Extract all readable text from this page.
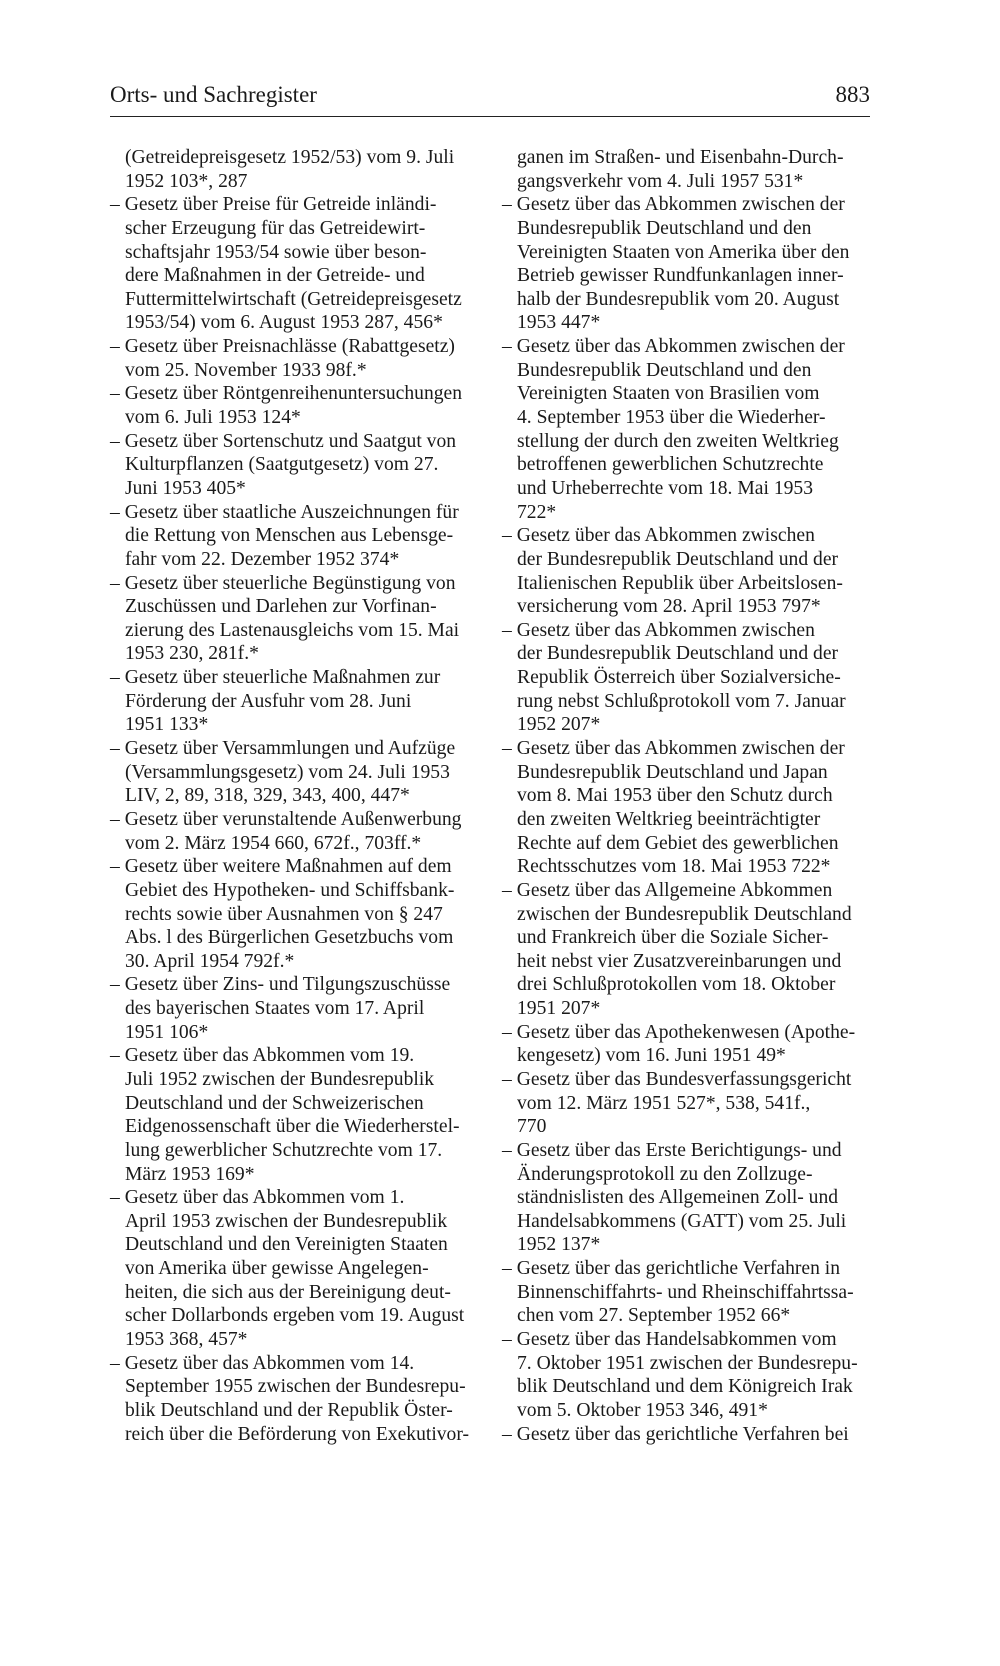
Orts- und Sachregister	883
(Getreidepreisgesetz 1952/53) vom 9. Juli
1952 103*, 287
– Gesetz über Preise für Getreide inländi-
scher Erzeugung für das Getreidewirt-
schaftsjahr 1953/54 sowie über beson-
dere Maßnahmen in der Getreide- und
Futtermittelwirtschaft (Getreidepreisgesetz
1953/54) vom 6. August 1953 287, 456*
– Gesetz über Preisnachlässe (Rabattgesetz)
vom 25. November 1933 98f.*
– Gesetz über Röntgenreihenuntersuchungen
vom 6. Juli 1953 124*
– Gesetz über Sortenschutz und Saatgut von
Kulturpflanzen (Saatgutgesetz) vom 27.
Juni 1953 405*
– Gesetz über staatliche Auszeichnungen für
die Rettung von Menschen aus Lebensge-
fahr vom 22. Dezember 1952 374*
– Gesetz über steuerliche Begünstigung von
Zuschüssen und Darlehen zur Vorfinan-
zierung des Lastenausgleichs vom 15. Mai
1953 230, 281f.*
– Gesetz über steuerliche Maßnahmen zur
Förderung der Ausfuhr vom 28. Juni
1951 133*
– Gesetz über Versammlungen und Aufzüge
(Versammlungsgesetz) vom 24. Juli 1953
LIV, 2, 89, 318, 329, 343, 400, 447*
– Gesetz über verunstaltende Außenwerbung
vom 2. März 1954 660, 672f., 703ff.*
– Gesetz über weitere Maßnahmen auf dem
Gebiet des Hypotheken- und Schiffsbank-
rechts sowie über Ausnahmen von § 247
Abs. l des Bürgerlichen Gesetzbuchs vom
30. April 1954 792f.*
– Gesetz über Zins- und Tilgungszuschüsse
des bayerischen Staates vom 17. April
1951 106*
– Gesetz über das Abkommen vom 19.
Juli 1952 zwischen der Bundesrepublik
Deutschland und der Schweizerischen
Eidgenossenschaft über die Wiederherstel-
lung gewerblicher Schutzrechte vom 17.
März 1953 169*
– Gesetz über das Abkommen vom 1.
April 1953 zwischen der Bundesrepublik
Deutschland und den Vereinigten Staaten
von Amerika über gewisse Angelegen-
heiten, die sich aus der Bereinigung deut-
scher Dollarbonds ergeben vom 19. August
1953 368, 457*
– Gesetz über das Abkommen vom 14.
September 1955 zwischen der Bundesrepu-
blik Deutschland und der Republik Öster-
reich über die Beförderung von Exekutivor-
ganen im Straßen- und Eisenbahn-Durch-
gangsverkehr vom 4. Juli 1957 531*
– Gesetz über das Abkommen zwischen der
Bundesrepublik Deutschland und den
Vereinigten Staaten von Amerika über den
Betrieb gewisser Rundfunkanlagen inner-
halb der Bundesrepublik vom 20. August
1953 447*
– Gesetz über das Abkommen zwischen der
Bundesrepublik Deutschland und den
Vereinigten Staaten von Brasilien vom
4. September 1953 über die Wiederher-
stellung der durch den zweiten Weltkrieg
betroffenen gewerblichen Schutzrechte
und Urheberrechte vom 18. Mai 1953
722*
– Gesetz über das Abkommen zwischen
der Bundesrepublik Deutschland und der
Italienischen Republik über Arbeitslosen-
versicherung vom 28. April 1953 797*
– Gesetz über das Abkommen zwischen
der Bundesrepublik Deutschland und der
Republik Österreich über Sozialversiche-
rung nebst Schlußprotokoll vom 7. Januar
1952 207*
– Gesetz über das Abkommen zwischen der
Bundesrepublik Deutschland und Japan
vom 8. Mai 1953 über den Schutz durch
den zweiten Weltkrieg beeinträchtigter
Rechte auf dem Gebiet des gewerblichen
Rechtsschutzes vom 18. Mai 1953 722*
– Gesetz über das Allgemeine Abkommen
zwischen der Bundesrepublik Deutschland
und Frankreich über die Soziale Sicher-
heit nebst vier Zusatzvereinbarungen und
drei Schlußprotokollen vom 18. Oktober
1951 207*
– Gesetz über das Apothekenwesen (Apothe-
kengesetz) vom 16. Juni 1951 49*
– Gesetz über das Bundesverfassungsgericht
vom 12. März 1951 527*, 538, 541f.,
770
– Gesetz über das Erste Berichtigungs- und
Änderungsprotokoll zu den Zollzuge-
ständnislisten des Allgemeinen Zoll- und
Handelsabkommens (GATT) vom 25. Juli
1952 137*
– Gesetz über das gerichtliche Verfahren in
Binnenschiffahrts- und Rheinschiffahrtssa-
chen vom 27. September 1952 66*
– Gesetz über das Handelsabkommen vom
7. Oktober 1951 zwischen der Bundesrepu-
blik Deutschland und dem Königreich Irak
vom 5. Oktober 1953 346, 491*
– Gesetz über das gerichtliche Verfahren bei
